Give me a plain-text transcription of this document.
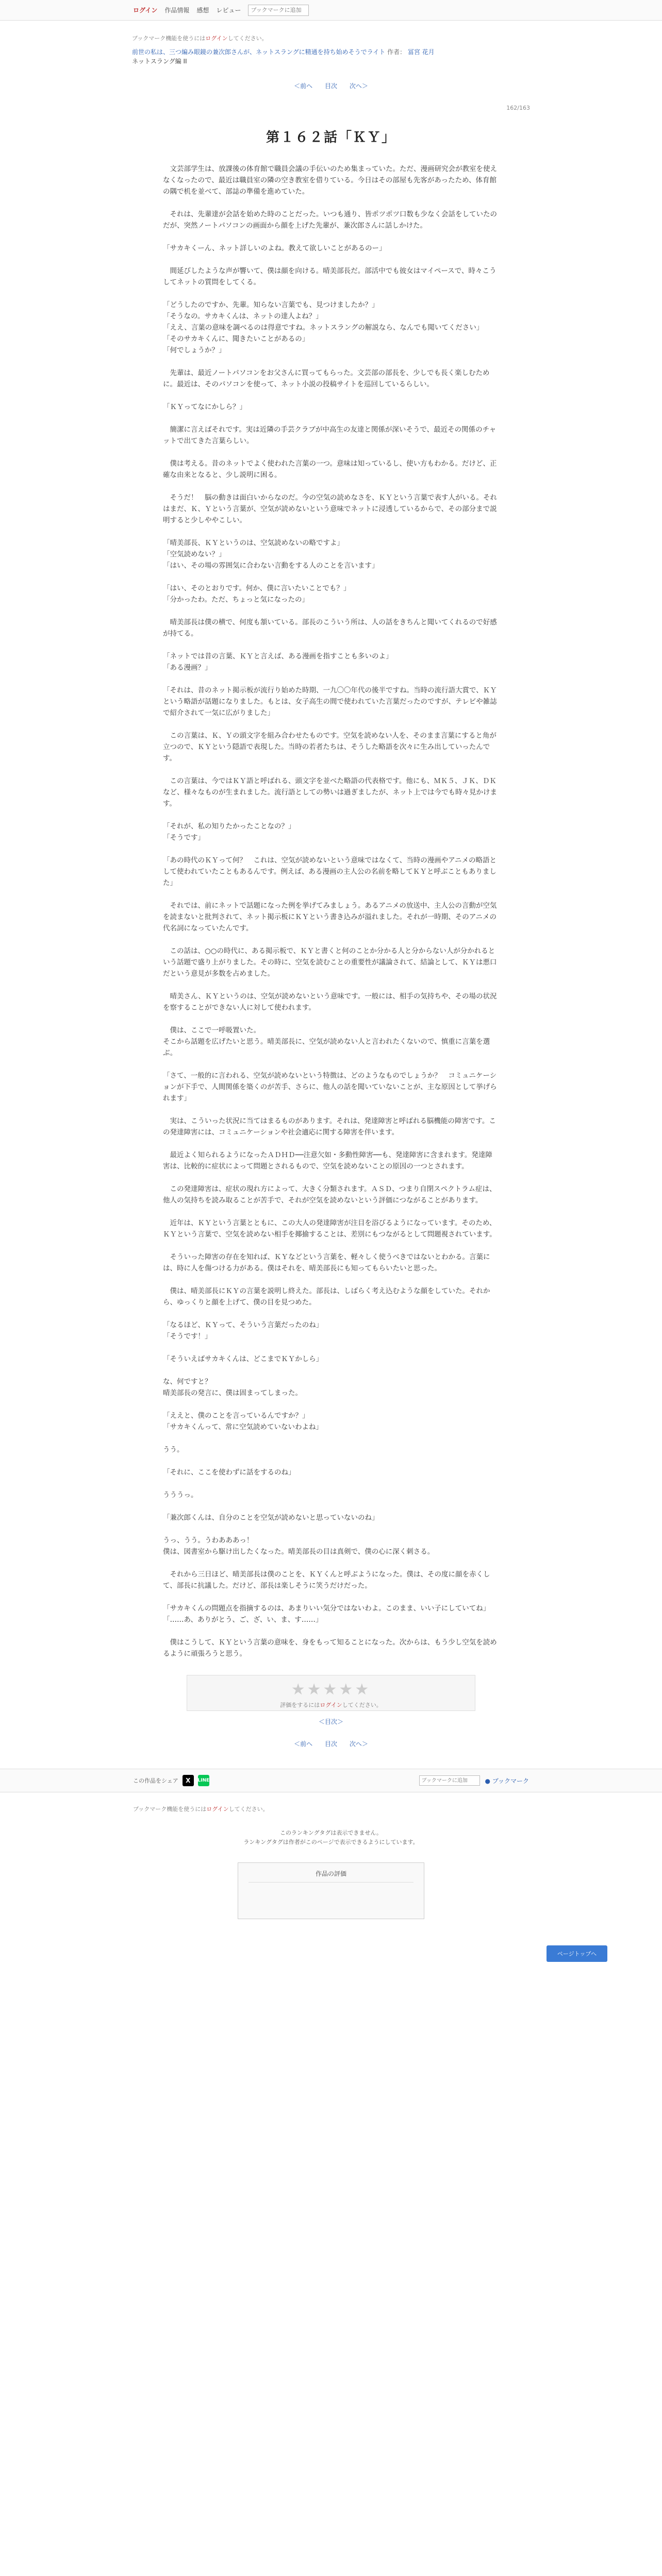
ログイン 作品情報 感想 レビュー
ブックマークに追加
ブックマーク機能を使うにはログインしてください。
前世の私は、三つ編み眼鏡の兼次郎さんが、ネットスラングに精通を持ち始めそうでライト 作者： 冨宮 花月
ネットスラング編 II
＜前へ 目次 次へ＞
162/163
第１６２話「ＫＹ」

文芸部学生は、放課後の体育館で職員会議の手伝いのため集まっていた。ただ、漫画研究会が教室を使えなくなったので、最近は職員室の隣の空き教室を借りている。今日はその部屋も先客があったため、体育館の隅で机を並べて、部誌の準備を進めていた。

それは、先輩達が会話を始めた時のことだった。いつも通り、皆ポツポツ口数も少なく会話をしていたのだが、突然ノートパソコンの画面から顔を上げた先輩が、兼次郎さんに話しかけた。

「サカキくーん、ネット詳しいのよね。教えて欲しいことがあるのー」

間延びしたような声が響いて、僕は顔を向ける。晴美部長だ。部活中でも彼女はマイペースで、時々こうしてネットの質問をしてくる。

「どうしたのですか、先輩。知らない言葉でも、見つけましたか？」
「そうなの。サカキくんは、ネットの達人よね？」
「ええ、言葉の意味を調べるのは得意ですね。ネットスラングの解説なら、なんでも聞いてください」
「そのサカキくんに、聞きたいことがあるの」
「何でしょうか？」

先輩は、最近ノートパソコンをお父さんに買ってもらった。文芸部の部長を、少しでも長く楽しむために。最近は、そのパソコンを使って、ネット小説の投稿サイトを巡回しているらしい。

「ＫＹってなにかしら？」

簡潔に言えばそれです。実は近隣の手芸クラブが中高生の友達と関係が深いそうで、最近その関係のチャットで出てきた言葉らしい。

僕は考える。昔のネットでよく使われた言葉の一つ。意味は知っているし、使い方もわかる。だけど、正確な由来となると、少し説明に困る。

そうだ！　脳の動きは面白いからなのだ。今の空気の読めなさを、ＫＹという言葉で表す人がいる。それはまだ、Ｋ、Ｙという言葉が、空気が読めないという意味でネットに浸透しているからで、その部分まで説明すると少しややこしい。

「晴美部長、ＫＹというのは、空気読めないの略ですよ」
「空気読めない？」
「はい、その場の雰囲気に合わない言動をする人のことを言います」

「はい、そのとおりです。何か、僕に言いたいことでも？」
「分かったわ。ただ、ちょっと気になったの」

晴美部長は僕の横で、何度も頷いている。部長のこういう所は、人の話をきちんと聞いてくれるので好感が持てる。

「ネットでは昔の言葉、ＫＹと言えば、ある漫画を指すことも多いのよ」
「ある漫画？」

「それは、昔のネット掲示板が流行り始めた時期、一九〇〇年代の後半ですね。当時の流行語大賞で、ＫＹという略語が話題になりました。もとは、女子高生の間で使われていた言葉だったのですが、テレビや雑誌で紹介されて一気に広がりました」

この言葉は、Ｋ、Ｙの頭文字を組み合わせたものです。空気を読めない人を、そのまま言葉にすると角が立つので、ＫＹという隠語で表現した。当時の若者たちは、そうした略語を次々に生み出していったんです。

この言葉は、今ではＫＹ語と呼ばれる、頭文字を並べた略語の代表格です。他にも、ＭＫ５、ＪＫ、ＤＫなど、様々なものが生まれました。流行語としての勢いは過ぎましたが、ネット上では今でも時々見かけます。

「それが、私の知りたかったことなの？」
「そうです」

「あの時代のＫＹって何？　これは、空気が読めないという意味ではなくて、当時の漫画やアニメの略語として使われていたこともあるんです。例えば、ある漫画の主人公の名前を略してＫＹと呼ぶこともありました」

それでは、前にネットで話題になった例を挙げてみましょう。あるアニメの放送中、主人公の言動が空気を読まないと批判されて、ネット掲示板にＫＹという書き込みが溢れました。それが一時期、そのアニメの代名詞になっていたんです。

この話は、○○の時代に、ある掲示板で、ＫＹと書くと何のことか分かる人と分からない人が分かれるという話題で盛り上がりました。その時に、空気を読むことの重要性が議論されて、結論として、ＫＹは悪口だという意見が多数を占めました。

晴美さん、ＫＹというのは、空気が読めないという意味です。一般には、相手の気持ちや、その場の状況を察することができない人に対して使われます。

僕は、ここで一呼吸置いた。
そこから話題を広げたいと思う。晴美部長に、空気が読めない人と言われたくないので、慎重に言葉を選ぶ。

「さて、一般的に言われる、空気が読めないという特徴は、どのようなものでしょうか？　コミュニケーションが下手で、人間関係を築くのが苦手、さらに、他人の話を聞いていないことが、主な原因として挙げられます」

実は、こういった状況に当てはまるものがあります。それは、発達障害と呼ばれる脳機能の障害です。この発達障害には、コミュニケーションや社会適応に関する障害を伴います。

最近よく知られるようになったＡＤＨＤ──注意欠如・多動性障害──も、発達障害に含まれます。発達障害は、比較的に症状によって問題とされるもので、空気を読めないことの原因の一つとされます。

この発達障害は、症状の現れ方によって、大きく分類されます。ＡＳＤ、つまり自閉スペクトラム症は、他人の気持ちを読み取ることが苦手で、それが空気を読めないという評価につながることがあります。

近年は、ＫＹという言葉とともに、この大人の発達障害が注目を浴びるようになっています。そのため、ＫＹという言葉で、空気を読めない相手を揶揄することは、差別にもつながるとして問題視されています。

そういった障害の存在を知れば、ＫＹなどという言葉を、軽々しく使うべきではないとわかる。言葉には、時に人を傷つける力がある。僕はそれを、晴美部長にも知ってもらいたいと思った。

僕は、晴美部長にＫＹの言葉を説明し終えた。部長は、しばらく考え込むような顔をしていた。それから、ゆっくりと顔を上げて、僕の目を見つめた。

「なるほど、ＫＹって、そういう言葉だったのね」
「そうです！」

「そういえばサカキくんは、どこまでＫＹかしら」

な、何ですと？
晴美部長の発言に、僕は固まってしまった。

「ええと、僕のことを言っているんですか？」
「サカキくんって、常に空気読めていないわよね」

うう。

「それに、ここを使わずに話をするのね」

うううっ。

「兼次郎くんは、自分のことを空気が読めないと思っていないのね」

うっ、うう。うわあああっ！
僕は、図書室から駆け出したくなった。晴美部長の目は真剣で、僕の心に深く刺さる。

それから三日ほど、晴美部長は僕のことを、ＫＹくんと呼ぶようになった。僕は、その度に顔を赤くして、部長に抗議した。だけど、部長は楽しそうに笑うだけだった。

「サカキくんの問題点を指摘するのは、あまりいい気分ではないわよ。このまま、いい子にしていてね」
「……あ、ありがとう、ご、ざ、い、ま、す……」

僕はこうして、ＫＹという言葉の意味を、身をもって知ることになった。次からは、もう少し空気を読めるように頑張ろうと思う。

ページトップへ
★★★★★
評価をするにはログインしてください。
＜目次＞
＜前へ 目次 次へ＞
この作品をシェア	X	LINE
ブックマークに追加	● ブックマーク
ブックマーク機能を使うにはログインしてください。
このランキングタグは表示できません。
ランキングタグは作者がこのページで表示できるようにしています。
作品の評価
